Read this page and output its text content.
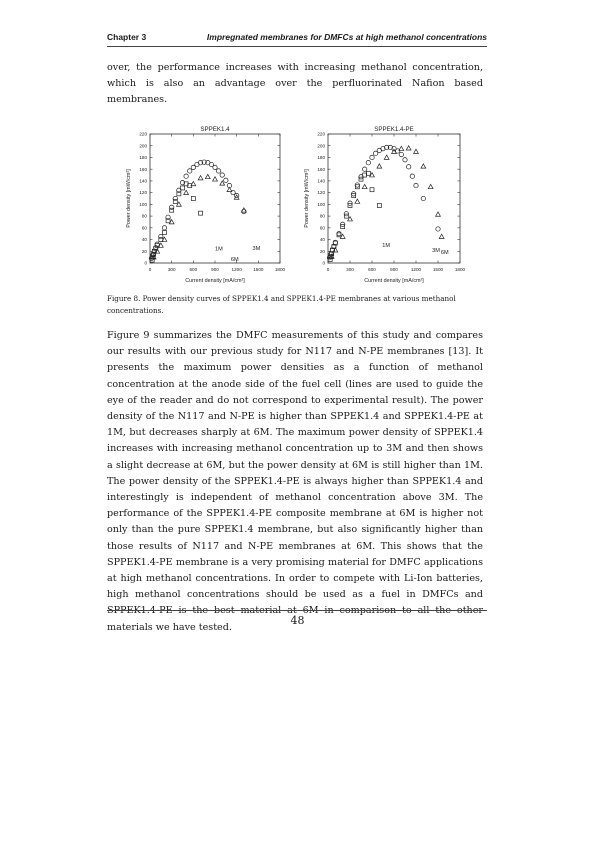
Chapter 3	Impregnated membranes for DMFCs at high methanol concentrations

over, the performance increases with increasing methanol concentration, which is also an advantage over the perfluorinated Nafion based membranes.

SPPEK1.4
0	300	600	900	1200 1500 1800
0
20
40
60
80
100
120
140
160
180
200
220
Current density [mA/cm²]
Power density [mW/cm²]
1M	3M
6M
SPPEK1.4-PE
0	300	600	900	1200	1500	1800
0
20
40
60
80
100
120
140
160
180
200
220
Current density [mA/cm²]
Power density [mW/cm²]
1M
3M 6M

Figure 8. Power density curves of SPPEK1.4 and SPPEK1.4-PE membranes at various methanol concentrations.

Figure 9 summarizes the DMFC measurements of this study and compares our results with our previous study for N117 and N-PE membranes [13]. It presents the maximum power densities as a function of methanol concentration at the anode side of the fuel cell (lines are used to guide the eye of the reader and do not correspond to experimental result). The power density of the N117 and N-PE is higher than SPPEK1.4 and SPPEK1.4-PE at 1M, but decreases sharply at 6M. The maximum power density of SPPEK1.4 increases with increasing methanol concentration up to 3M and then shows a slight decrease at 6M, but the power density at 6M is still higher than 1M. The power density of the SPPEK1.4-PE is always higher than SPPEK1.4 and interestingly is independent of methanol concentration above 3M. The performance of the SPPEK1.4-PE composite membrane at 6M is higher not only than the pure SPPEK1.4 membrane, but also significantly higher than those results of N117 and N-PE membranes at 6M. This shows that the SPPEK1.4-PE membrane is a very promising material for DMFC applications at high methanol concentrations. In order to compete with Li-Ion batteries, high methanol concentrations should be used as a fuel in DMFCs and SPPEK1.4-PE is the best material at 6M in comparison to all the other materials we have tested.

48
